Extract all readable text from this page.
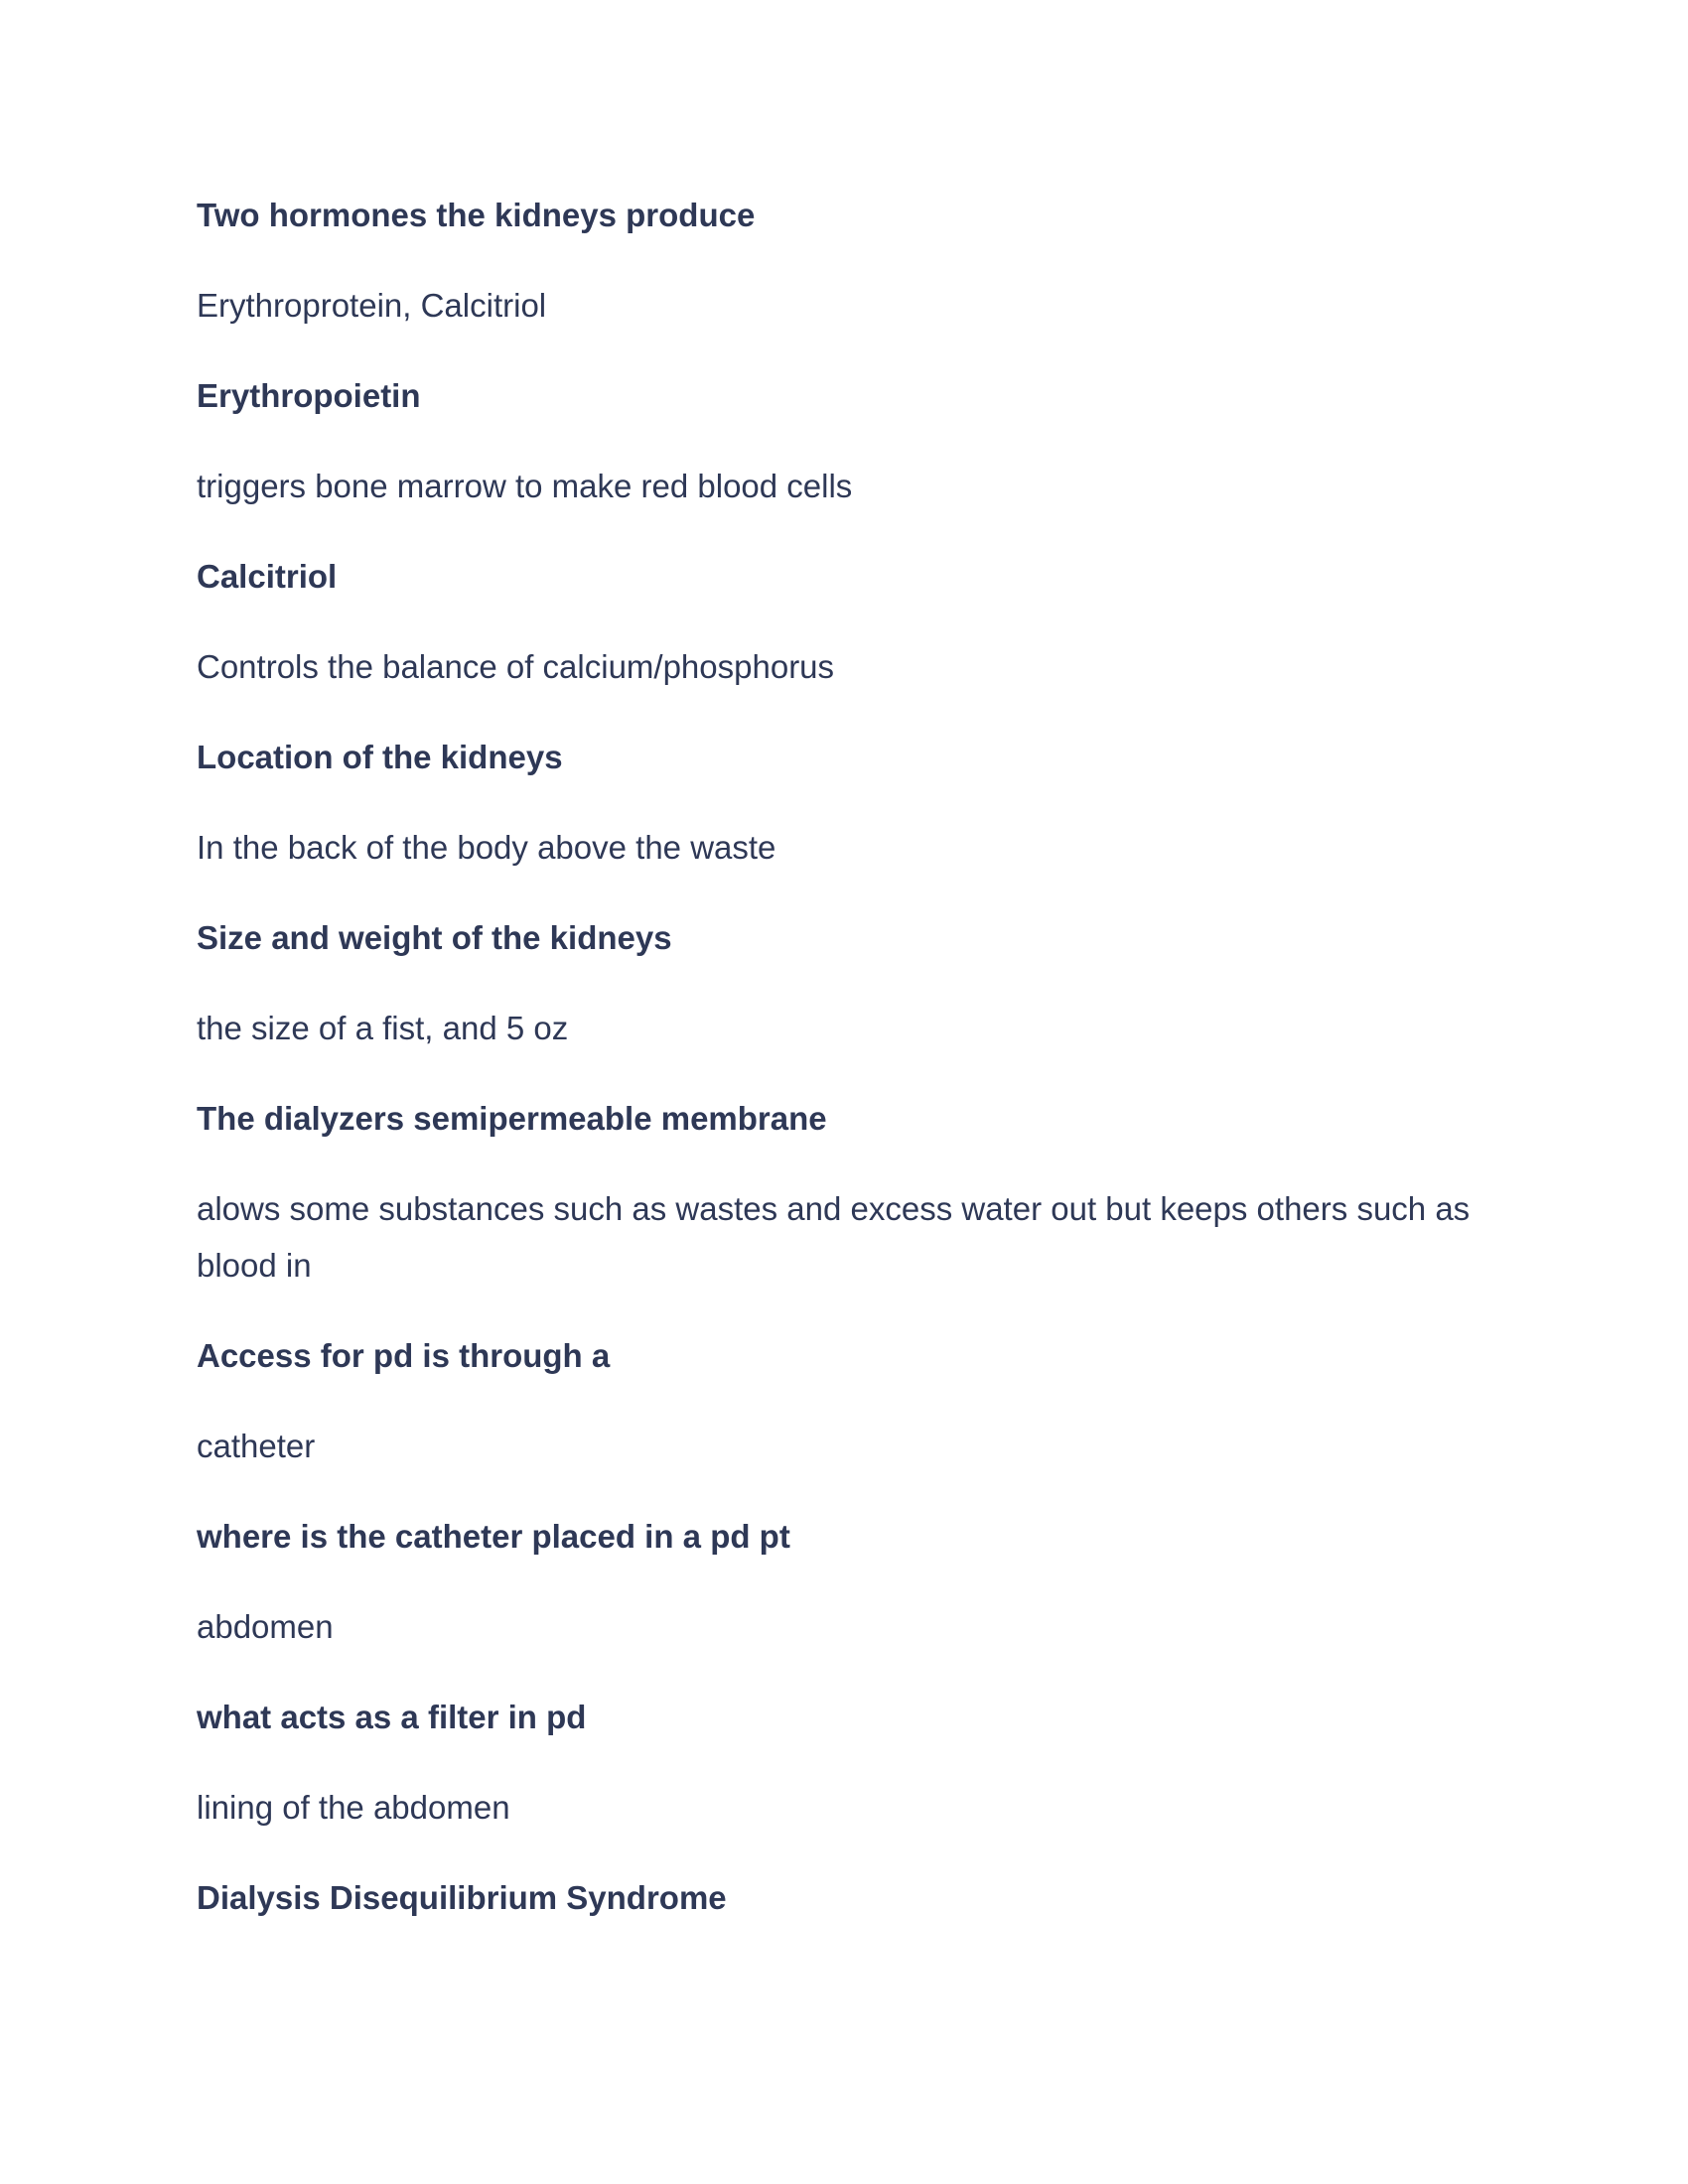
Two hormones the kidneys produce

Erythroprotein, Calcitriol

Erythropoietin

triggers bone marrow to make red blood cells

Calcitriol

Controls the balance of calcium/phosphorus

Location of the kidneys

In the back of the body above the waste

Size and weight of the kidneys

the size of a fist, and 5 oz

The dialyzers semipermeable membrane

alows some substances such as wastes and excess water out but keeps others such as blood in

Access for pd is through a

catheter

where is the catheter placed in a pd pt

abdomen

what acts as a filter in pd

lining of the abdomen

Dialysis Disequilibrium Syndrome
